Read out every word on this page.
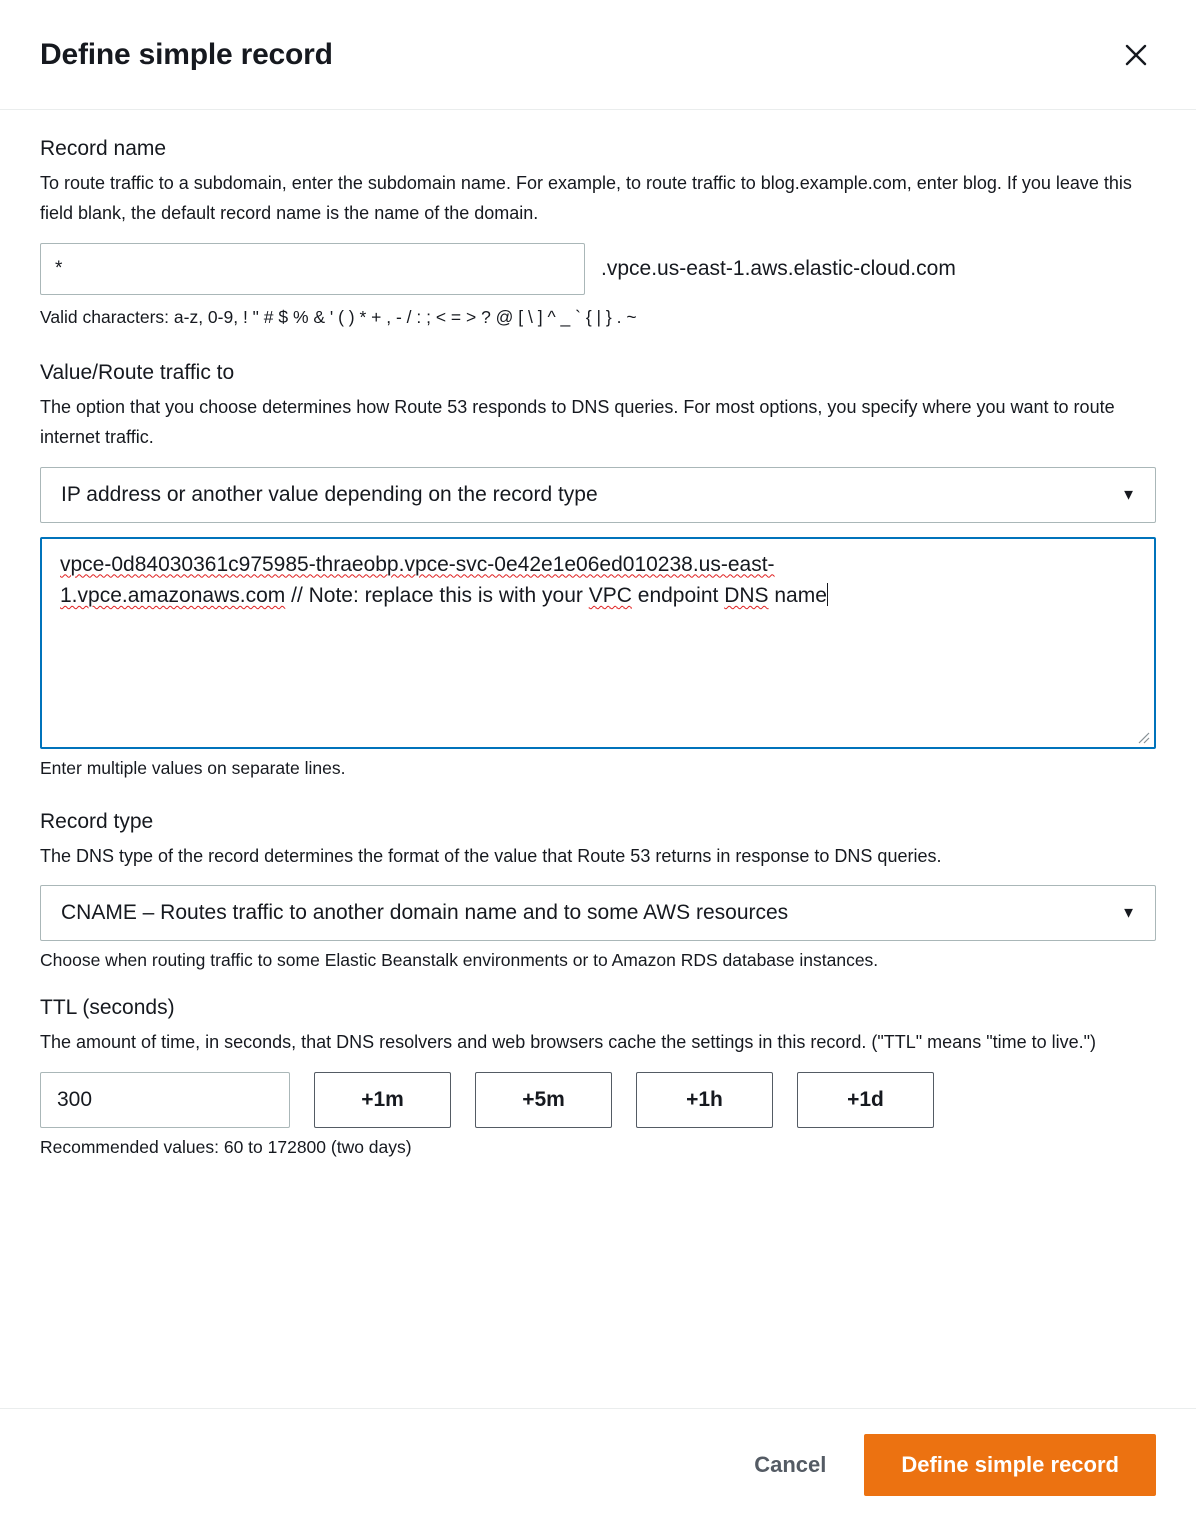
Define simple record
Record name
To route traffic to a subdomain, enter the subdomain name. For example, to route traffic to blog.example.com, enter blog. If you leave this field blank, the default record name is the name of the domain.
*
.vpce.us-east-1.aws.elastic-cloud.com
Valid characters: a-z, 0-9, ! " # $ % & ' ( ) * + , - / : ; < = > ? @ [ \ ] ^ _ ` { | } . ~
Value/Route traffic to
The option that you choose determines how Route 53 responds to DNS queries. For most options, you specify where you want to route internet traffic.
IP address or another value depending on the record type	▼
vpce-0d84030361c975985-thraeobp.vpce-svc-0e42e1e06ed010238.us-east-
1.vpce.amazonaws.com // Note: replace this is with your VPC endpoint DNS name
Enter multiple values on separate lines.
Record type
The DNS type of the record determines the format of the value that Route 53 returns in response to DNS queries.
CNAME – Routes traffic to another domain name and to some AWS resources	▼
Choose when routing traffic to some Elastic Beanstalk environments or to Amazon RDS database instances.
TTL (seconds)
The amount of time, in seconds, that DNS resolvers and web browsers cache the settings in this record. ("TTL" means "time to live.")
300
+1m	+5m	+1h	+1d
Recommended values: 60 to 172800 (two days)
Cancel	Define simple record
